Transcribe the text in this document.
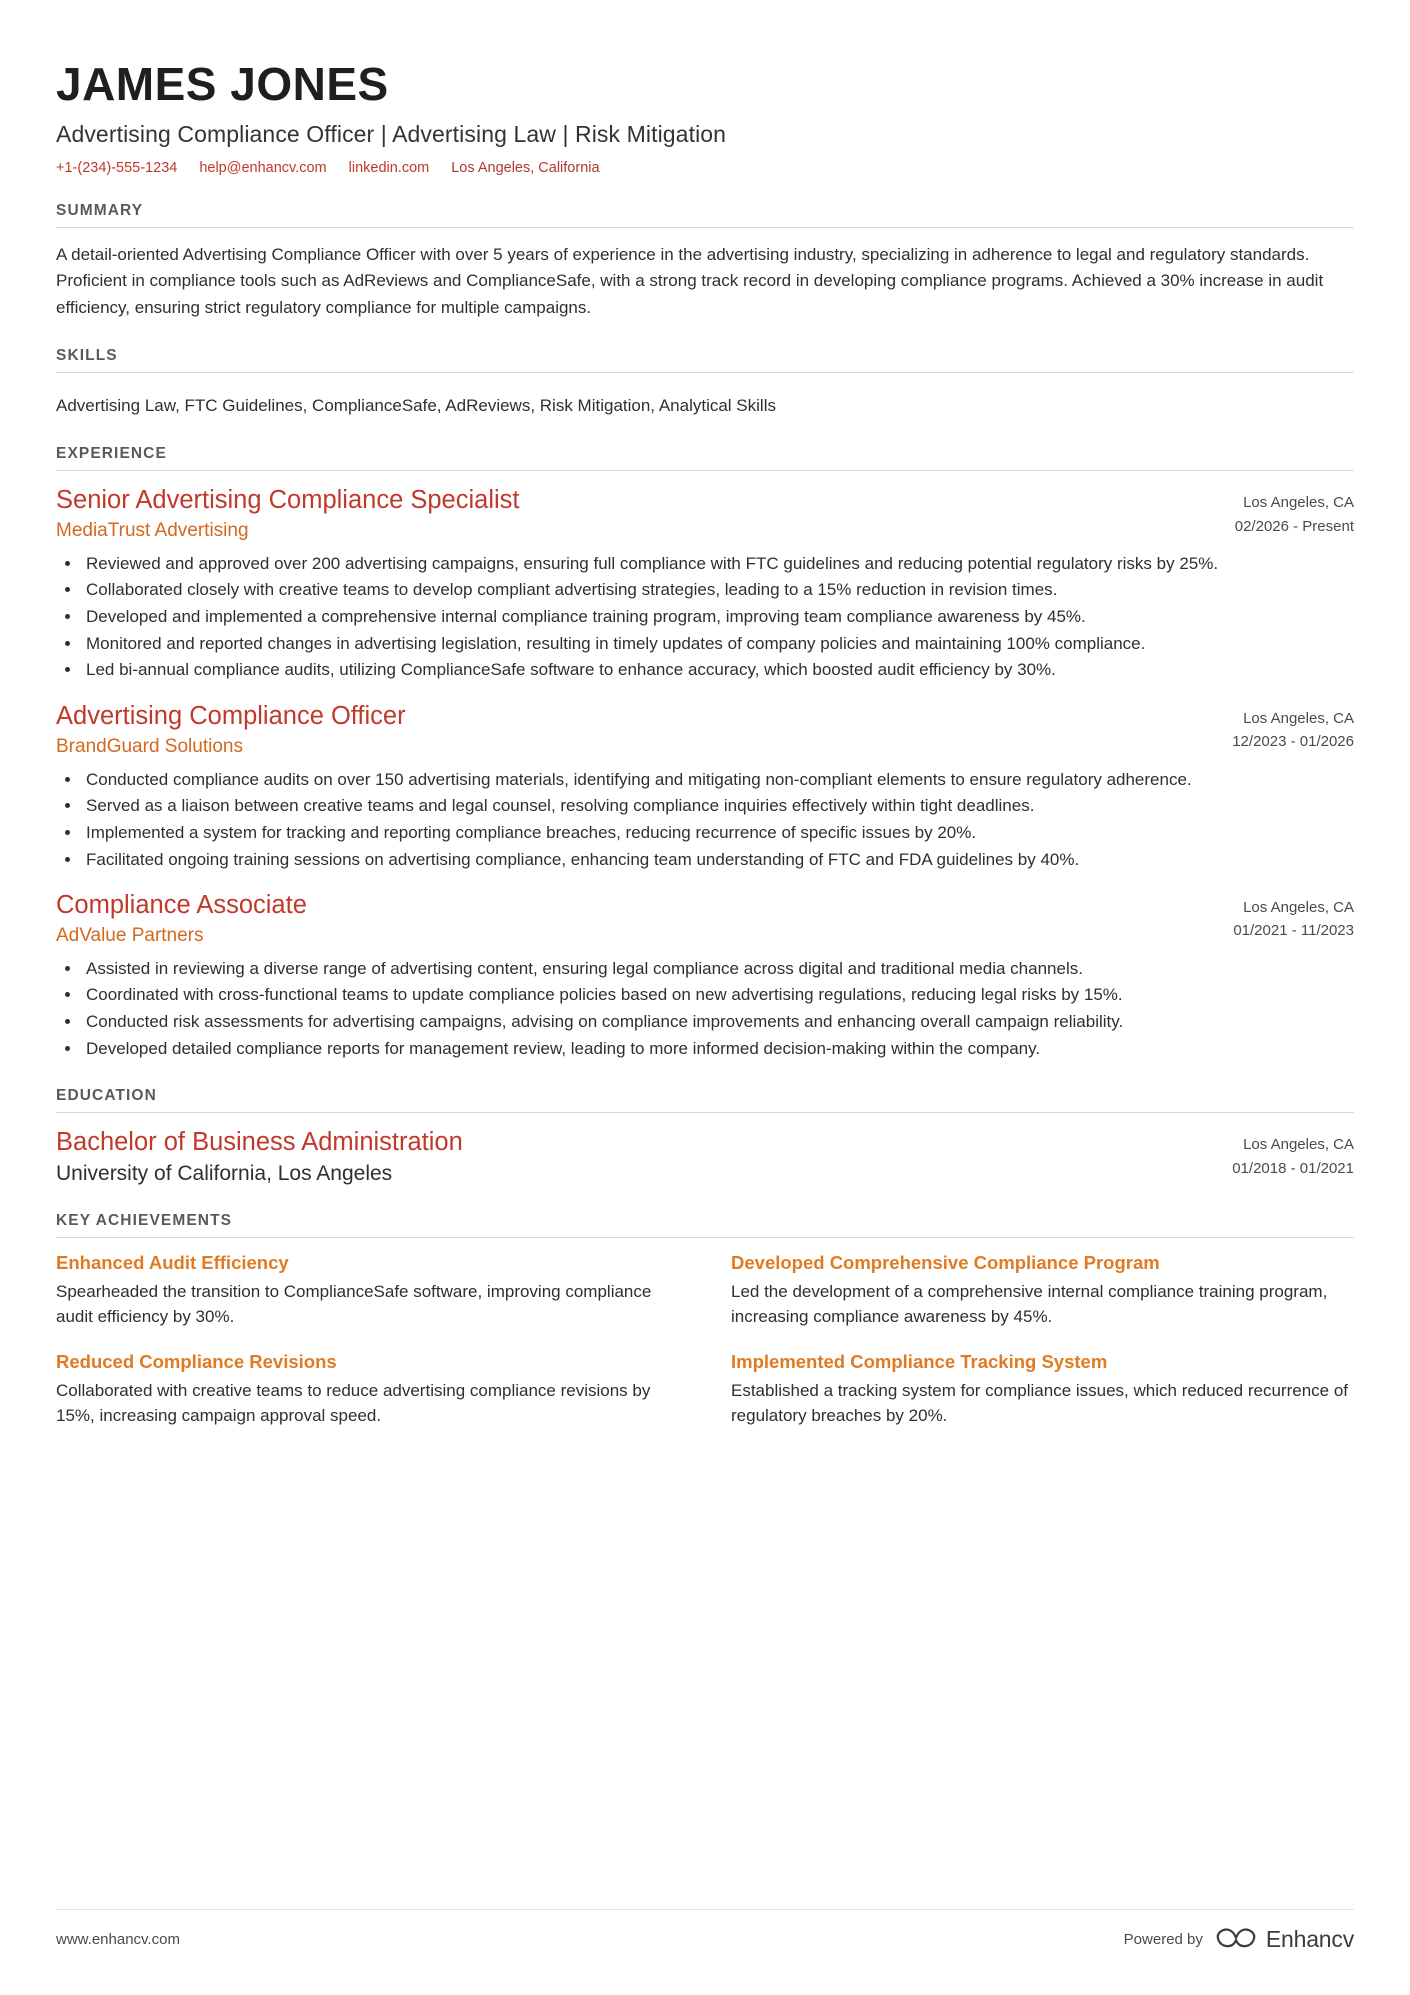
JAMES JONES
Advertising Compliance Officer | Advertising Law | Risk Mitigation
+1-(234)-555-1234 help@enhancv.com linkedin.com Los Angeles, California
SUMMARY
A detail-oriented Advertising Compliance Officer with over 5 years of experience in the advertising industry, specializing in adherence to legal and regulatory standards. Proficient in compliance tools such as AdReviews and ComplianceSafe, with a strong track record in developing compliance programs. Achieved a 30% increase in audit efficiency, ensuring strict regulatory compliance for multiple campaigns.
SKILLS
Advertising Law, FTC Guidelines, ComplianceSafe, AdReviews, Risk Mitigation, Analytical Skills
EXPERIENCE
Senior Advertising Compliance Specialist
MediaTrust Advertising
Los Angeles, CA
02/2026 - Present
• Reviewed and approved over 200 advertising campaigns, ensuring full compliance with FTC guidelines and reducing potential regulatory risks by 25%.
• Collaborated closely with creative teams to develop compliant advertising strategies, leading to a 15% reduction in revision times.
• Developed and implemented a comprehensive internal compliance training program, improving team compliance awareness by 45%.
• Monitored and reported changes in advertising legislation, resulting in timely updates of company policies and maintaining 100% compliance.
• Led bi-annual compliance audits, utilizing ComplianceSafe software to enhance accuracy, which boosted audit efficiency by 30%.
Advertising Compliance Officer
BrandGuard Solutions
Los Angeles, CA
12/2023 - 01/2026
• Conducted compliance audits on over 150 advertising materials, identifying and mitigating non-compliant elements to ensure regulatory adherence.
• Served as a liaison between creative teams and legal counsel, resolving compliance inquiries effectively within tight deadlines.
• Implemented a system for tracking and reporting compliance breaches, reducing recurrence of specific issues by 20%.
• Facilitated ongoing training sessions on advertising compliance, enhancing team understanding of FTC and FDA guidelines by 40%.
Compliance Associate
AdValue Partners
Los Angeles, CA
01/2021 - 11/2023
• Assisted in reviewing a diverse range of advertising content, ensuring legal compliance across digital and traditional media channels.
• Coordinated with cross-functional teams to update compliance policies based on new advertising regulations, reducing legal risks by 15%.
• Conducted risk assessments for advertising campaigns, advising on compliance improvements and enhancing overall campaign reliability.
• Developed detailed compliance reports for management review, leading to more informed decision-making within the company.
EDUCATION
Bachelor of Business Administration
University of California, Los Angeles
Los Angeles, CA
01/2018 - 01/2021
KEY ACHIEVEMENTS
Enhanced Audit Efficiency
Spearheaded the transition to ComplianceSafe software, improving compliance audit efficiency by 30%.
Developed Comprehensive Compliance Program
Led the development of a comprehensive internal compliance training program, increasing compliance awareness by 45%.
Reduced Compliance Revisions
Collaborated with creative teams to reduce advertising compliance revisions by 15%, increasing campaign approval speed.
Implemented Compliance Tracking System
Established a tracking system for compliance issues, which reduced recurrence of regulatory breaches by 20%.
www.enhancv.com	Powered by	Enhancv
